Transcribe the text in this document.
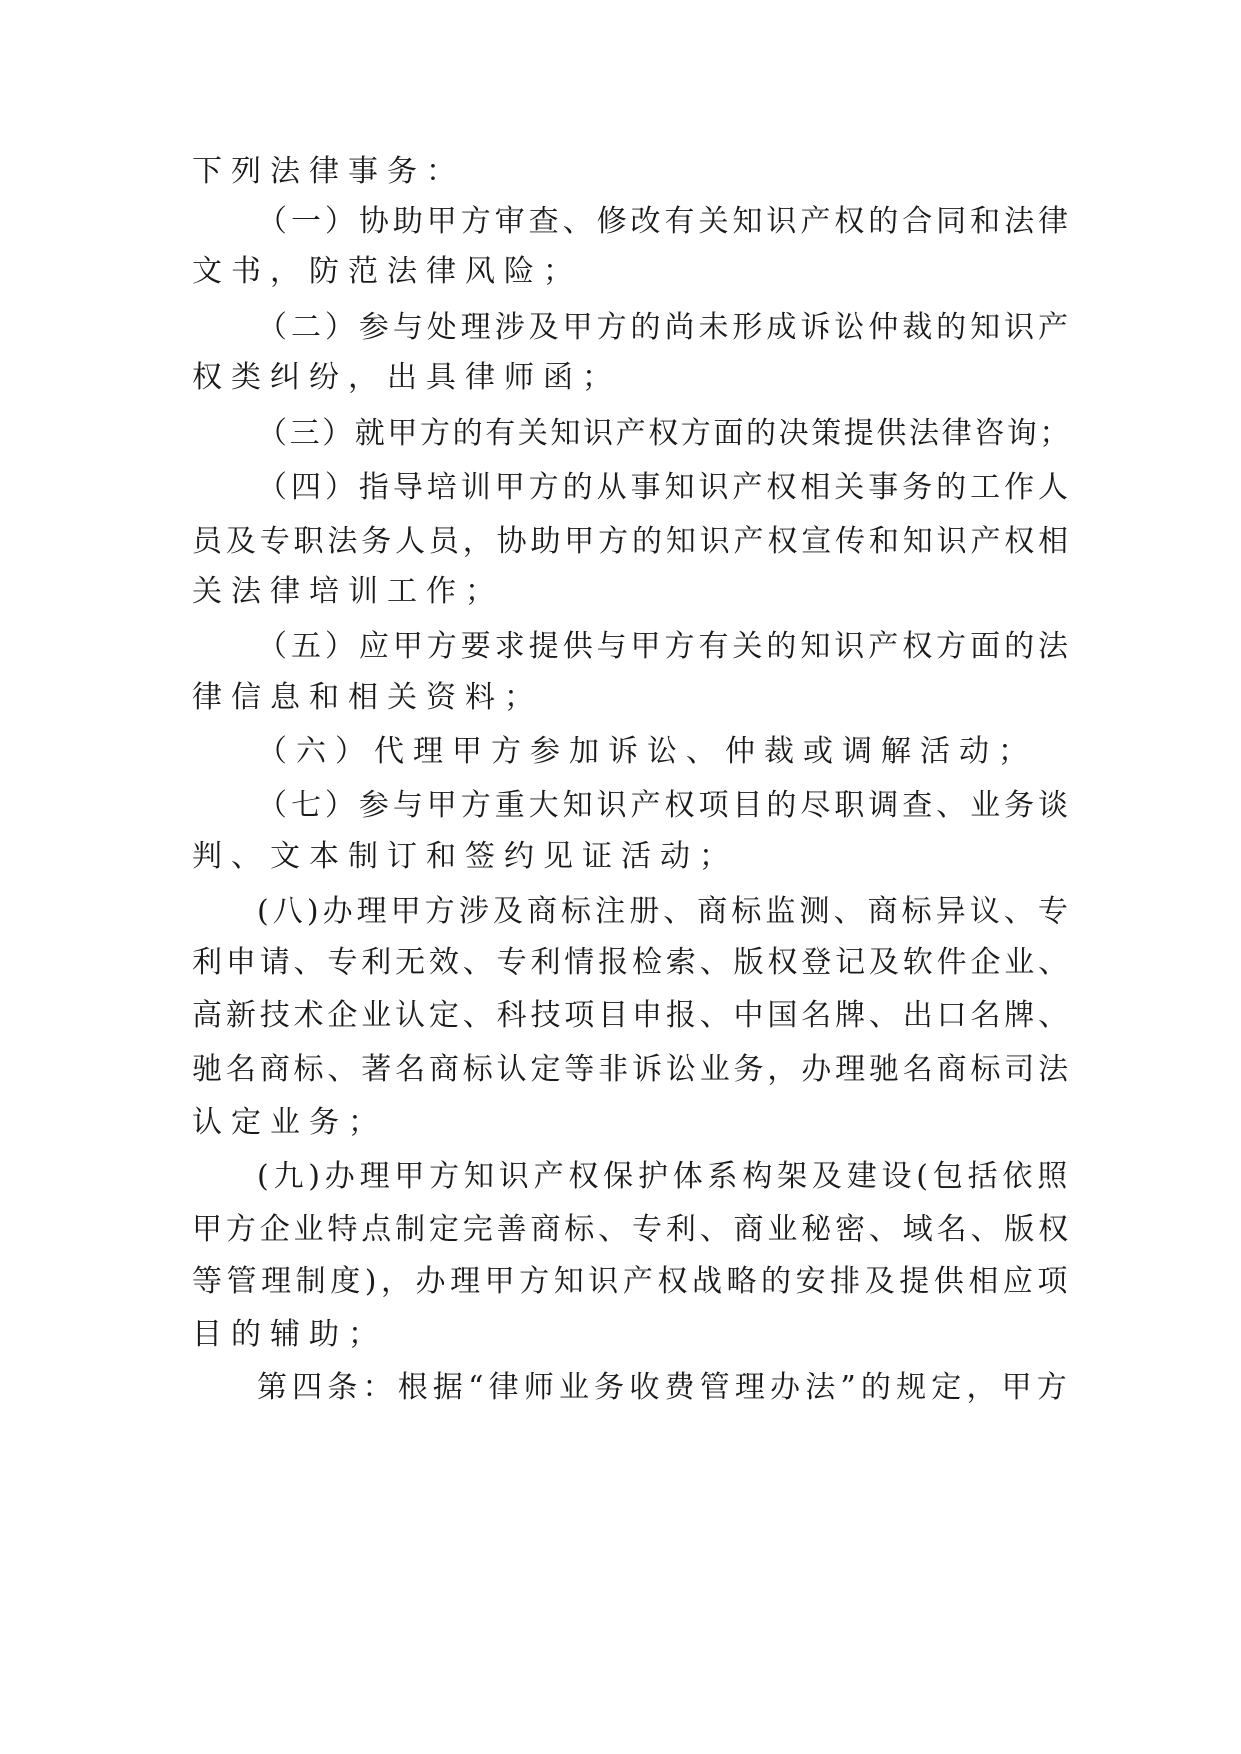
下列法律事务：
（一）协助甲方审查、修改有关知识产权的合同和法律
文书，防范法律风险；
（二）参与处理涉及甲方的尚未形成诉讼仲裁的知识产
权类纠纷，出具律师函；
（三）就甲方的有关知识产权方面的决策提供法律咨询；
（四）指导培训甲方的从事知识产权相关事务的工作人
员及专职法务人员，协助甲方的知识产权宣传和知识产权相
关法律培训工作；
（五）应甲方要求提供与甲方有关的知识产权方面的法
律信息和相关资料；
（六）代理甲方参加诉讼、仲裁或调解活动；
（七）参与甲方重大知识产权项目的尽职调查、业务谈
判、文本制订和签约见证活动；
(八)办理甲方涉及商标注册、商标监测、商标异议、专
利申请、专利无效、专利情报检索、版权登记及软件企业、
高新技术企业认定、科技项目申报、中国名牌、出口名牌、
驰名商标、著名商标认定等非诉讼业务，办理驰名商标司法
认定业务；
(九)办理甲方知识产权保护体系构架及建设(包括依照
甲方企业特点制定完善商标、专利、商业秘密、域名、版权
等管理制度)，办理甲方知识产权战略的安排及提供相应项
目的辅助；
第四条：根据“律师业务收费管理办法”的规定，甲方
